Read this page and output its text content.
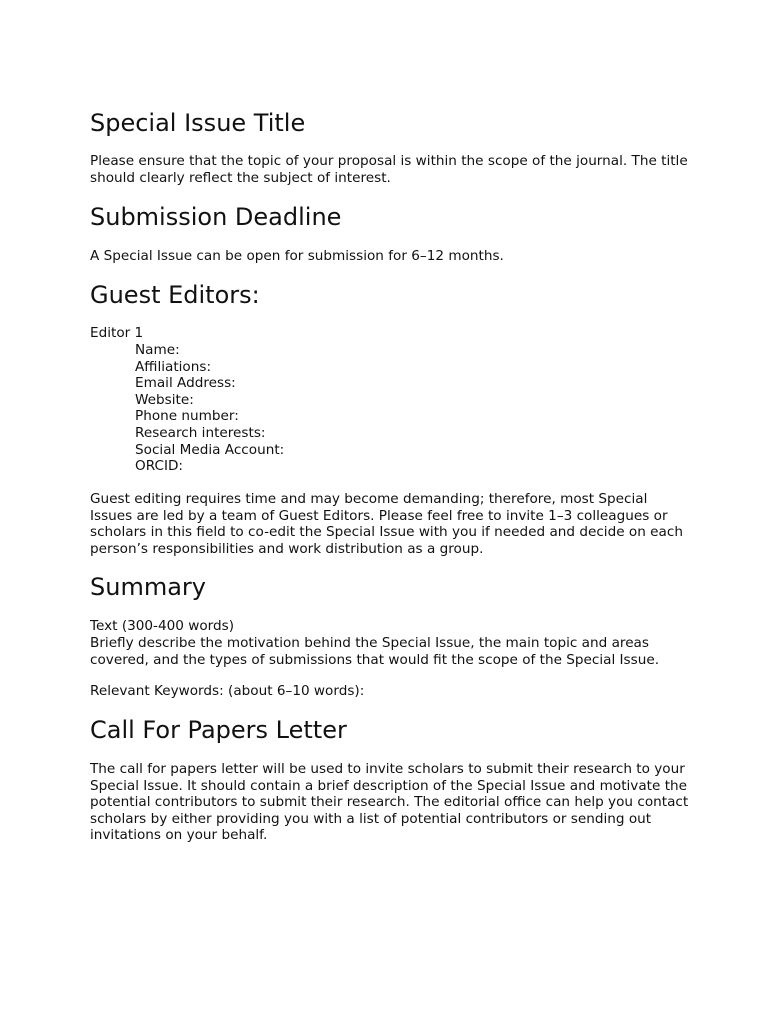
Special Issue Title

Please ensure that the topic of your proposal is within the scope of the journal. The title should clearly reflect the subject of interest.

Submission Deadline

A Special Issue can be open for submission for 6–12 months.

Guest Editors:

Editor 1

Name:
Affiliations:
Email Address:
Website:
Phone number:
Research interests:
Social Media Account:
ORCID:

Guest editing requires time and may become demanding; therefore, most Special Issues are led by a team of Guest Editors. Please feel free to invite 1–3 colleagues or scholars in this field to co-edit the Special Issue with you if needed and decide on each person’s responsibilities and work distribution as a group.

Summary

Text (300-400 words)

Briefly describe the motivation behind the Special Issue, the main topic and areas covered, and the types of submissions that would fit the scope of the Special Issue.

Relevant Keywords: (about 6–10 words):

Call For Papers Letter

The call for papers letter will be used to invite scholars to submit their research to your Special Issue. It should contain a brief description of the Special Issue and motivate the potential contributors to submit their research. The editorial office can help you contact scholars by either providing you with a list of potential contributors or sending out invitations on your behalf.
